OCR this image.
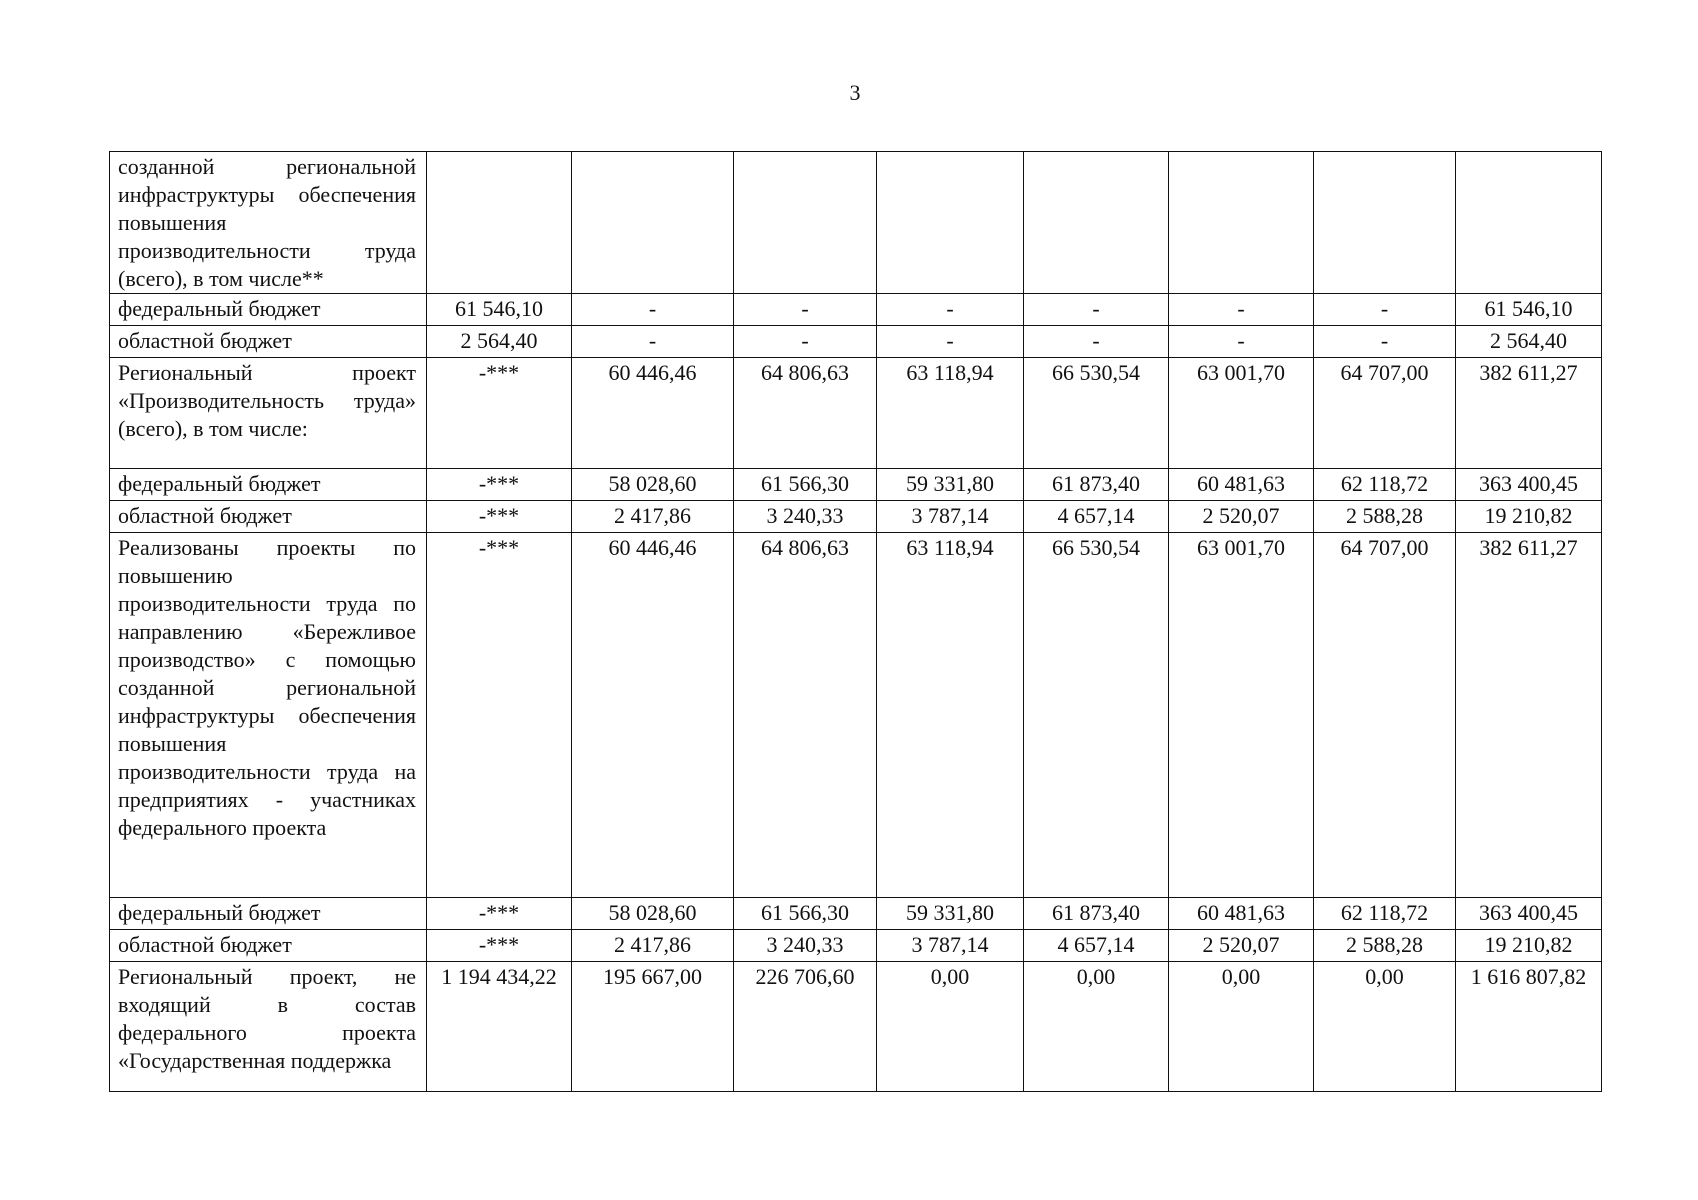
3
созданной региональной инфраструктуры обеспечения повышения производительности труда (всего), в том числе**								
федеральный бюджет	61 546,10	-	-	-	-	-	-	61 546,10
областной бюджет	2 564,40	-	-	-	-	-	-	2 564,40
Региональный проект «Производительность труда» (всего), в том числе:	-***	60 446,46	64 806,63	63 118,94	66 530,54	63 001,70	64 707,00	382 611,27
федеральный бюджет	-***	58 028,60	61 566,30	59 331,80	61 873,40	60 481,63	62 118,72	363 400,45
областной бюджет	-***	2 417,86	3 240,33	3 787,14	4 657,14	2 520,07	2 588,28	19 210,82
Реализованы проекты по повышению производительности труда по направлению «Бережливое производство» с помощью созданной региональной инфраструктуры обеспечения повышения производительности труда на предприятиях - участниках федерального проекта	-***	60 446,46	64 806,63	63 118,94	66 530,54	63 001,70	64 707,00	382 611,27
федеральный бюджет	-***	58 028,60	61 566,30	59 331,80	61 873,40	60 481,63	62 118,72	363 400,45
областной бюджет	-***	2 417,86	3 240,33	3 787,14	4 657,14	2 520,07	2 588,28	19 210,82
Региональный проект, не входящий в состав федерального проекта «Государственная поддержка	1 194 434,22	195 667,00	226 706,60	0,00	0,00	0,00	0,00	1 616 807,82
